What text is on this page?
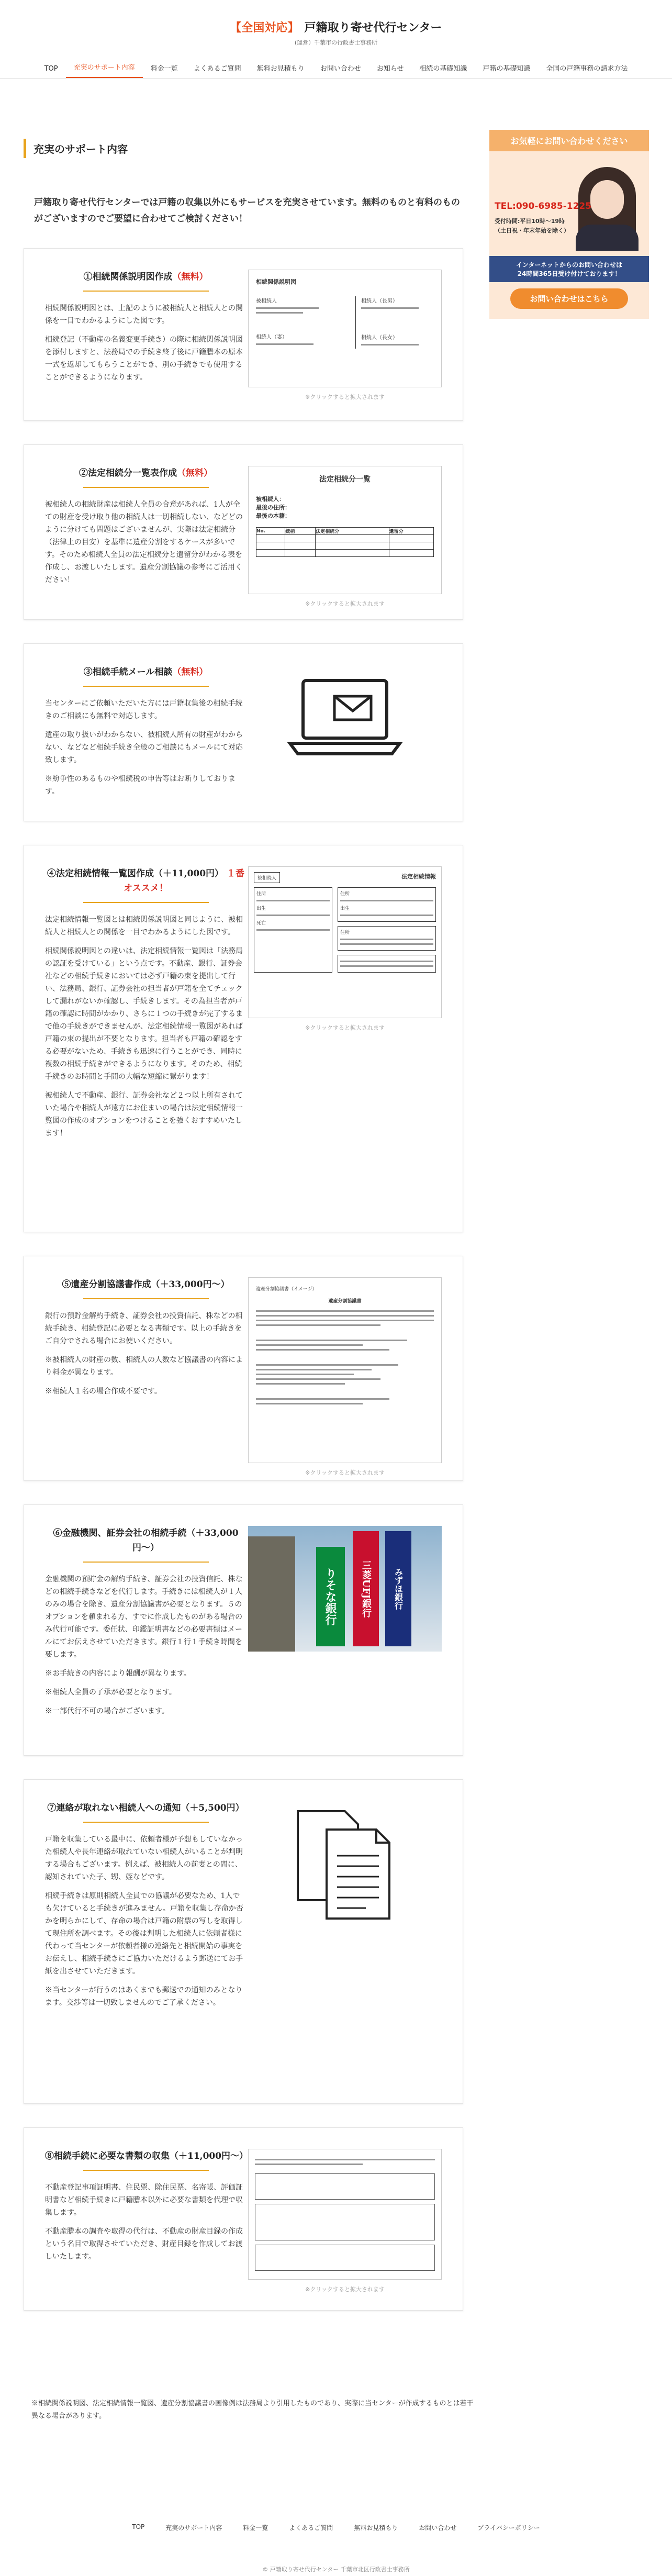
【全国対応】 戸籍取り寄せ代行センター
(運営）千葉市の行政書士事務所
TOP	充実のサポート内容	料金一覧	よくあるご質問	無料お見積もり	お問い合わせ	お知らせ	相続の基礎知識	戸籍の基礎知識	全国の戸籍事務の請求方法
充実のサポート内容

戸籍取り寄せ代行センターでは戸籍の収集以外にもサービスを充実させています。無料のものと有料のものがございますのでご要望に合わせてご検討ください！

①相続関係説明図作成（無料）

相続関係説明図とは、上記のように被相続人と相続人との関係を一目でわかるようにした図です。

相続登記（不動産の名義変更手続き）の際に相続関係説明図を添付しますと、法務局での手続き終了後に戸籍謄本の原本一式を返却してもらうことができ、別の手続きでも使用することができるようになります。

相続関係説明図
被相続人
相続人（妻）
相続人（長男）
相続人（長女）
※クリックすると拡大されます
②法定相続分一覧表作成（無料）

被相続人の相続財産は相続人全員の合意があれば、1人が全ての財産を受け取り他の相続人は一切相続しない、などどのように分けても問題はございませんが、実際は法定相続分（法律上の目安）を基準に遺産分割をするケースが多いです。そのため相続人全員の法定相続分と遺留分がわかる表を作成し、お渡しいたします。遺産分割協議の参考にご活用ください！

法定相続分一覧
被相続人：
最後の住所：
最後の本籍：
No.	続柄	法定相続分	遺留分

※クリックすると拡大されます
③相続手続メール相談（無料）

当センターにご依頼いただいた方には戸籍収集後の相続手続きのご相談にも無料で対応します。

遺産の取り扱いがわからない、被相続人所有の財産がわからない、などなど相続手続き全般のご相談にもメールにて対応致します。

※紛争性のあるものや相続税の申告等はお断りしております。

④法定相続情報一覧図作成（＋11,000円） １番オススメ！

法定相続情報一覧図とは相続関係説明図と同じように、被相続人と相続人との関係を一目でわかるようにした図です。

相続関係説明図との違いは、法定相続情報一覧図は「法務局の認証を受けている」という点です。不動産、銀行、証券会社などの相続手続きにおいては必ず戸籍の束を提出して行い、法務局、銀行、証券会社の担当者が戸籍を全てチェックして漏れがないか確認し、手続きします。その為担当者が戸籍の確認に時間がかかり、さらに１つの手続きが完了するまで他の手続きができませんが、法定相続情報一覧図があれば戸籍の束の提出が不要となります。担当者も戸籍の確認をする必要がないため、手続きも迅速に行うことができ、同時に複数の相続手続きができるようになります。そのため、相続手続きのお時間と手間の大幅な短縮に繋がります！

被相続人で不動産、銀行、証券会社など２つ以上所有されていた場合や相続人が遠方にお住まいの場合は法定相続情報一覧図の作成のオプションをつけることを強くおすすめいたします！

被相続人	法定相続情報
住所
出生
死亡
住所
出生
住所
※クリックすると拡大されます
⑤遺産分割協議書作成（＋33,000円〜）

銀行の預貯金解約手続き、証券会社の投資信託、株などの相続手続き、相続登記に必要となる書類です。以上の手続きをご自分でされる場合にお使いください。

※被相続人の財産の数、相続人の人数など協議書の内容により料金が異なります。

※相続人１名の場合作成不要です。

遺産分割協議書（イメージ）
遺産分割協議書
※クリックすると拡大されます
⑥金融機関、証券会社の相続手続（＋33,000円〜）

金融機関の預貯金の解約手続き、証券会社の投資信託、株などの相続手続きなどを代行します。手続きには相続人が１人のみの場合を除き、遺産分割協議書が必要となります。５のオプションを頼まれる方、すでに作成したものがある場合のみ代行可能です。委任状、印鑑証明書などの必要書類はメールにてお伝えさせていただきます。銀行１行１手続き時間を要します。

※お手続きの内容により報酬が異なります。

※相続人全員の了承が必要となります。

※一部代行不可の場合がございます。

りそな銀行	三菱UFJ銀行	みずほ銀行
⑦連絡が取れない相続人への通知（＋5,500円）

戸籍を収集している最中に、依頼者様が予想もしていなかった相続人や長年連絡が取れていない相続人がいることが判明する場合もございます。例えば、被相続人の前妻との間に、認知されていた子、甥、姪などです。

相続手続きは原則相続人全員での協議が必要なため、1人でも欠けていると手続きが進みません。戸籍を収集し存命か否かを明らかにして、存命の場合は戸籍の附票の写しを取得して現住所を調べます。その後は判明した相続人に依頼者様に代わって当センターが依頼者様の連絡先と相続開始の事実をお伝えし、相続手続きにご協力いただけるよう郵送にてお手紙を出させていただきます。

※当センターが行うのはあくまでも郵送での通知のみとなります。交渉等は一切致しませんのでご了承ください。

⑧相続手続に必要な書類の収集（＋11,000円〜）

不動産登記事項証明書、住民票、除住民票、名寄帳、評価証明書など相続手続きに戸籍謄本以外に必要な書類を代理で収集します。

不動産謄本の調査や取得の代行は、不動産の財産目録の作成という名目で取得させていただき、財産目録を作成してお渡しいたします。

※クリックすると拡大されます
お気軽にお問い合わせください
TEL:090-6985-1225
受付時間:平日10時〜19時
（土日祝・年末年始を除く）
インターネットからのお問い合わせは
24時間365日受け付けております！
お問い合わせはこちら

※相続関係説明図、法定相続情報一覧図、遺産分割協議書の画像例は法務局より引用したものであり、実際に当センターが作成するものとは若干異なる場合があります。

TOP	充実のサポート内容	料金一覧	よくあるご質問	無料お見積もり	お問い合わせ	プライバシーポリシー
© 戸籍取り寄せ代行センター 千葉市北区行政書士事務所
